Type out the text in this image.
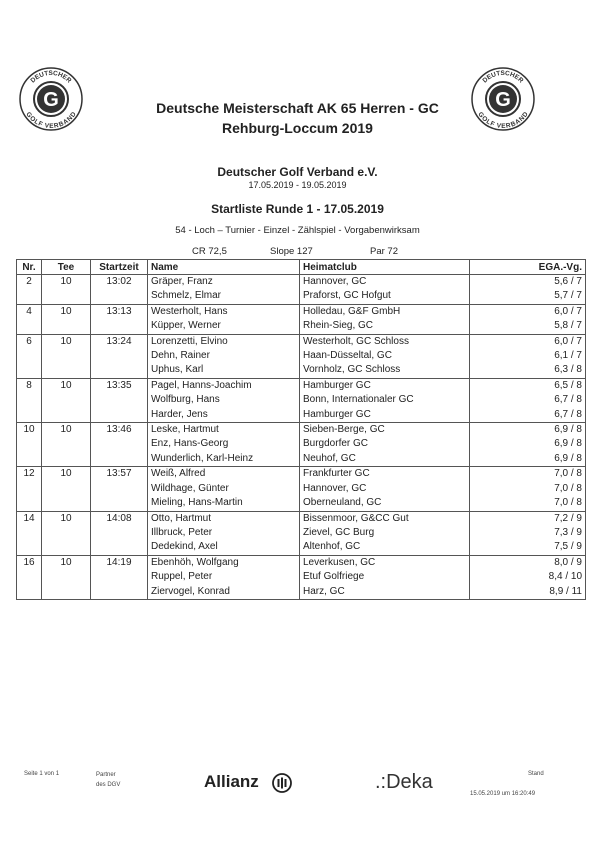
G
DEUTSCHER
GOLF VERBAND
G
DEUTSCHER
GOLF VERBAND
Deutsche Meisterschaft AK 65 Herren - GC
Rehburg-Loccum 2019
Deutscher Golf Verband e.V.
17.05.2019 - 19.05.2019
Startliste Runde 1 - 17.05.2019
54 - Loch – Turnier - Einzel - Zählspiel - Vorgabenwirksam
CR 72,5	Slope 127	Par 72
Nr.	Tee	Startzeit	Name	Heimatclub	EGA.-Vg.
2	10	13:02	Gräper, Franz	Hannover, GC	5,6 / 7
			Schmelz, Elmar	Praforst, GC Hofgut	5,7 / 7
4	10	13:13	Westerholt, Hans	Holledau, G&F GmbH	6,0 / 7
			Küpper, Werner	Rhein-Sieg, GC	5,8 / 7
6	10	13:24	Lorenzetti, Elvino	Westerholt, GC Schloss	6,0 / 7
			Dehn, Rainer	Haan-Düsseltal, GC	6,1 / 7
			Uphus, Karl	Vornholz, GC Schloss	6,3 / 8
8	10	13:35	Pagel, Hanns-Joachim	Hamburger GC	6,5 / 8
			Wolfburg, Hans	Bonn, Internationaler GC	6,7 / 8
			Harder, Jens	Hamburger GC	6,7 / 8
10	10	13:46	Leske, Hartmut	Sieben-Berge, GC	6,9 / 8
			Enz, Hans-Georg	Burgdorfer GC	6,9 / 8
			Wunderlich, Karl-Heinz	Neuhof, GC	6,9 / 8
12	10	13:57	Weiß, Alfred	Frankfurter GC	7,0 / 8
			Wildhage, Günter	Hannover, GC	7,0 / 8
			Mieling, Hans-Martin	Oberneuland, GC	7,0 / 8
14	10	14:08	Otto, Hartmut	Bissenmoor, G&CC Gut	7,2 / 9
			Illbruck, Peter	Zievel, GC Burg	7,3 / 9
			Dedekind, Axel	Altenhof, GC	7,5 / 9
16	10	14:19	Ebenhöh, Wolfgang	Leverkusen, GC	8,0 / 9
			Ruppel, Peter	Etuf Golfriege	8,4 / 10
			Ziervogel, Konrad	Harz, GC	8,9 / 11
Seite 1 von 1	Partner
des DGV	Allianz	.:Deka	Stand
15.05.2019 um 16:20:49
